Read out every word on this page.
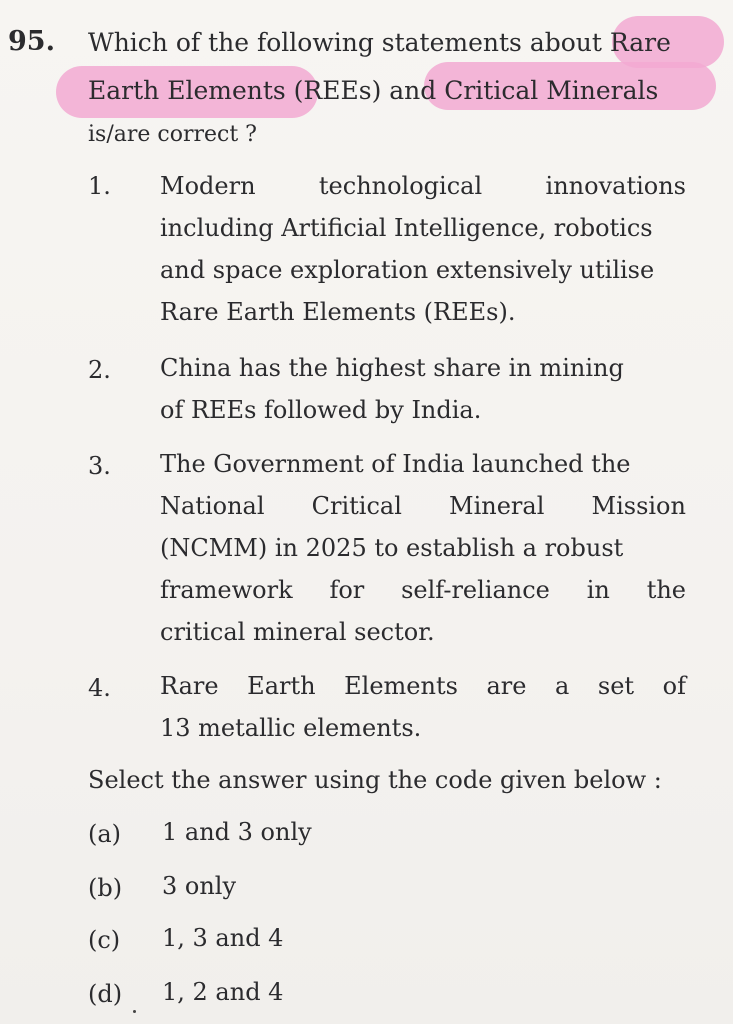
95. Which of the following statements about Rare
Earth Elements (REEs) and Critical Minerals
is/are correct ?
1. Modern	technological	innovations
including Artificial Intelligence, robotics
and space exploration extensively utilise
Rare Earth Elements (REEs).
2. China has the highest share in mining
of REEs followed by India.
3. The Government of India launched the
National Critical Mineral Mission
(NCMM) in 2025 to establish a robust
framework for self-reliance in the
critical mineral sector.
4. Rare Earth Elements are a set of
13 metallic elements.
Select the answer using the code given below :
(a) 1 and 3 only
(b) 3 only
(c) 1, 3 and 4
(d) 1, 2 and 4
